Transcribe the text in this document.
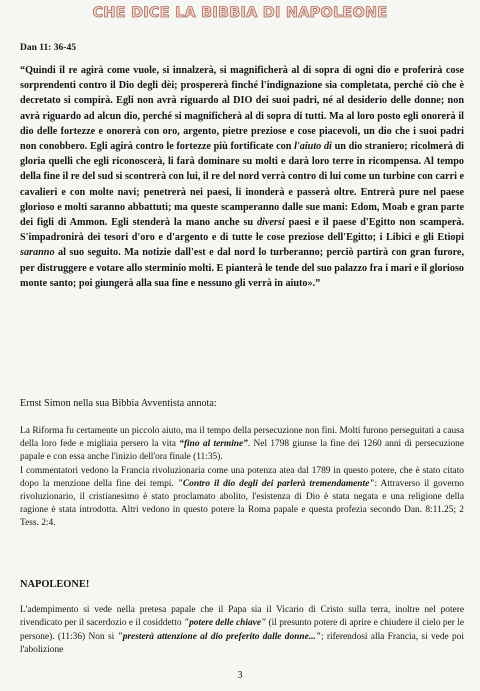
CHE DICE LA BIBBIA DI NAPOLEONE
Dan 11: 36-45
“Quindi il re agirà come vuole, si innalzerà, si magnificherà al di sopra di ogni dio e proferirà cose sorprendenti contro il Dio degli dèi; prospererà finché l'indignazione sia completata, perché ciò che è decretato si compirà. Egli non avrà riguardo al DIO dei suoi padri, né al desiderio delle donne; non avrà riguardo ad alcun dio, perché si magnificherà al di sopra di tutti. Ma al loro posto egli onorerà il dio delle fortezze e onorerà con oro, argento, pietre preziose e cose piacevoli, un dio che i suoi padri non conobbero. Egli agirà contro le fortezze più fortificate con l'aiuto di un dio straniero; ricolmerà di gloria quelli che egli riconoscerà, li farà dominare su molti e darà loro terre in ricompensa. Al tempo della fine il re del sud si scontrerà con lui, il re del nord verrà contro di lui come un turbine con carri e cavalieri e con molte navi; penetrerà nei paesi, li inonderà e passerà oltre. Entrerà pure nel paese glorioso e molti saranno abbattuti; ma queste scamperanno dalle sue mani: Edom, Moab e gran parte dei figli di Ammon. Egli stenderà la mano anche su diversi paesi e il paese d'Egitto non scamperà. S'impadronirà dei tesori d'oro e d'argento e di tutte le cose preziose dell'Egitto; i Libici e gli Etiopi saranno al suo seguito. Ma notizie dall'est e dal nord lo turberanno; perciò partirà con gran furore, per distruggere e votare allo sterminio molti. E pianterà le tende del suo palazzo fra i mari e il glorioso monte santo; poi giungerà alla sua fine e nessuno gli verrà in aiuto».”
Ernst Simon nella sua Bibbia Avventista annota:

La Riforma fu certamente un piccolo aiuto, ma il tempo della persecuzione non finì. Molti furono perseguitati a causa della loro fede e migliaia persero la vita “fino al termine”. Nel 1798 giunse la fine dei 1260 anni di persecuzione papale e con essa anche l'inizio dell'ora finale (11:35).

I commentatori vedono la Francia rivoluzionaria come una potenza atea dal 1789 in questo potere, che è stato citato dopo la menzione della fine dei tempi. "Contro il dio degli dei parlerà tremendamente": Attraverso il governo rivoluzionario, il cristianesimo è stato proclamato abolito, l'esistenza di Dio è stata negata e una religione della ragione è stata introdotta. Altri vedono in questo potere la Roma papale e questa profezia secondo Dan. 8:11.25; 2 Tess. 2:4.

NAPOLEONE!
L'adempimento si vede nella pretesa papale che il Papa sia il Vicario di Cristo sulla terra, inoltre nel potere rivendicato per il sacerdozio e il cosiddetto "potere delle chiave" (il presunto potere di aprire e chiudere il cielo per le persone). (11:36) Non si "presterà attenzione al dio preferito dalle donne..."; riferendosi alla Francia, si vede poi l'abolizione
3
